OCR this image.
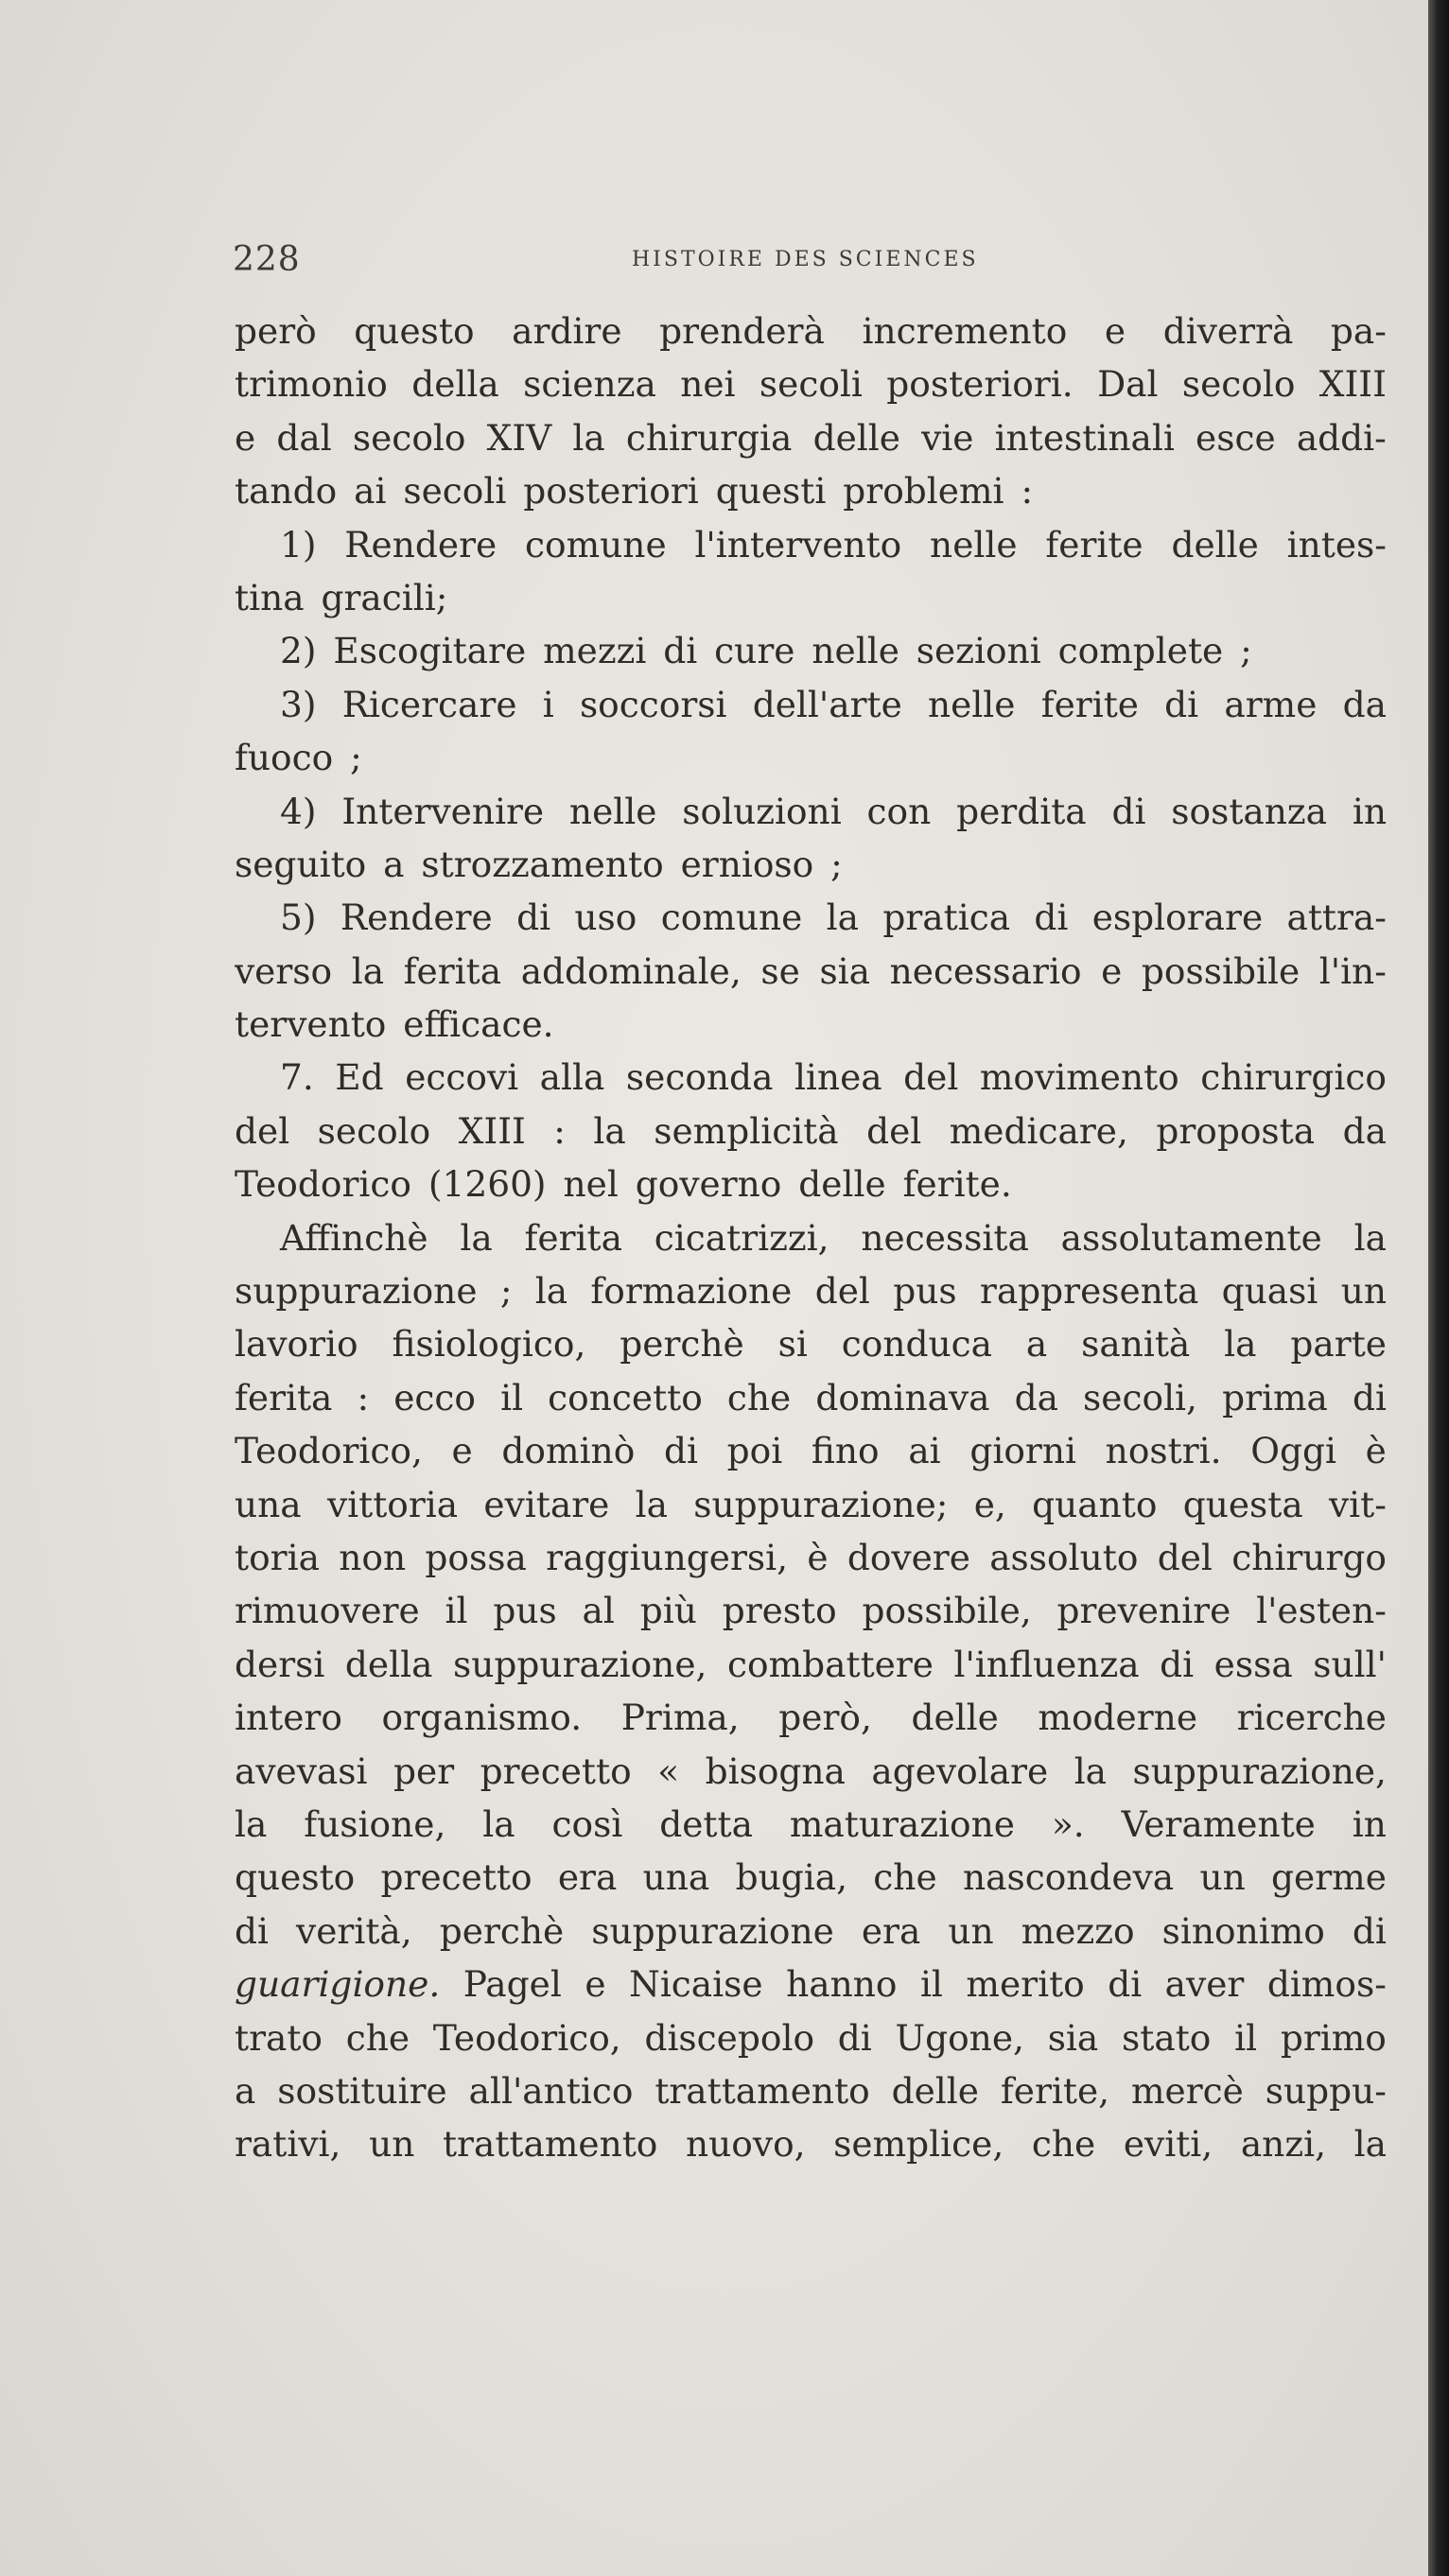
228	HISTOIRE DES SCIENCES
però questo ardire prenderà incremento e diverrà pa-
trimonio della scienza nei secoli posteriori. Dal secolo XIII
e dal secolo XIV la chirurgia delle vie intestinali esce addi-
tando ai secoli posteriori questi problemi :
1) Rendere comune l'intervento nelle ferite delle intes-
tina gracili;
2) Escogitare mezzi di cure nelle sezioni complete ;
3) Ricercare i soccorsi dell'arte nelle ferite di arme da
fuoco ;
4) Intervenire nelle soluzioni con perdita di sostanza in
seguito a strozzamento ernioso ;
5) Rendere di uso comune la pratica di esplorare attra-
verso la ferita addominale, se sia necessario e possibile l'in-
tervento efficace.
7. Ed eccovi alla seconda linea del movimento chirurgico
del secolo XIII : la semplicità del medicare, proposta da
Teodorico (1260) nel governo delle ferite.
Affinchè la ferita cicatrizzi, necessita assolutamente la
suppurazione ; la formazione del pus rappresenta quasi un
lavorio fisiologico, perchè si conduca a sanità la parte
ferita : ecco il concetto che dominava da secoli, prima di
Teodorico, e dominò di poi fino ai giorni nostri. Oggi è
una vittoria evitare la suppurazione; e, quanto questa vit-
toria non possa raggiungersi, è dovere assoluto del chirurgo
rimuovere il pus al più presto possibile, prevenire l'esten-
dersi della suppurazione, combattere l'influenza di essa sull'
intero organismo. Prima, però, delle moderne ricerche
avevasi per precetto « bisogna agevolare la suppurazione,
la fusione, la così detta maturazione ». Veramente in
questo precetto era una bugia, che nascondeva un germe
di verità, perchè suppurazione era un mezzo sinonimo di
guarigione. Pagel e Nicaise hanno il merito di aver dimos-
trato che Teodorico, discepolo di Ugone, sia stato il primo
a sostituire all'antico trattamento delle ferite, mercè suppu-
rativi, un trattamento nuovo, semplice, che eviti, anzi, la
